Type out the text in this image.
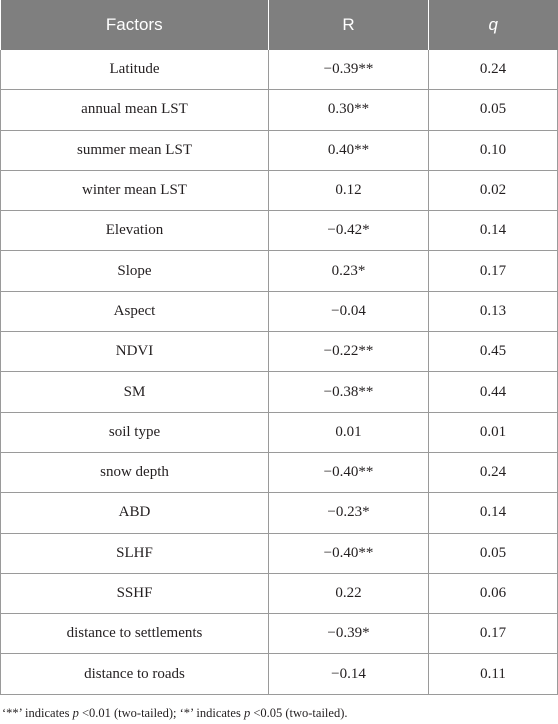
Factors	R	q
Latitude	−0.39**	0.24
annual mean LST	0.30**	0.05
summer mean LST	0.40**	0.10
winter mean LST	0.12	0.02
Elevation	−0.42*	0.14
Slope	0.23*	0.17
Aspect	−0.04	0.13
NDVI	−0.22**	0.45
SM	−0.38**	0.44
soil type	0.01	0.01
snow depth	−0.40**	0.24
ABD	−0.23*	0.14
SLHF	−0.40**	0.05
SSHF	0.22	0.06
distance to settlements	−0.39*	0.17
distance to roads	−0.14	0.11
‘**’ indicates p <0.01 (two-tailed); ‘*’ indicates p <0.05 (two-tailed).
